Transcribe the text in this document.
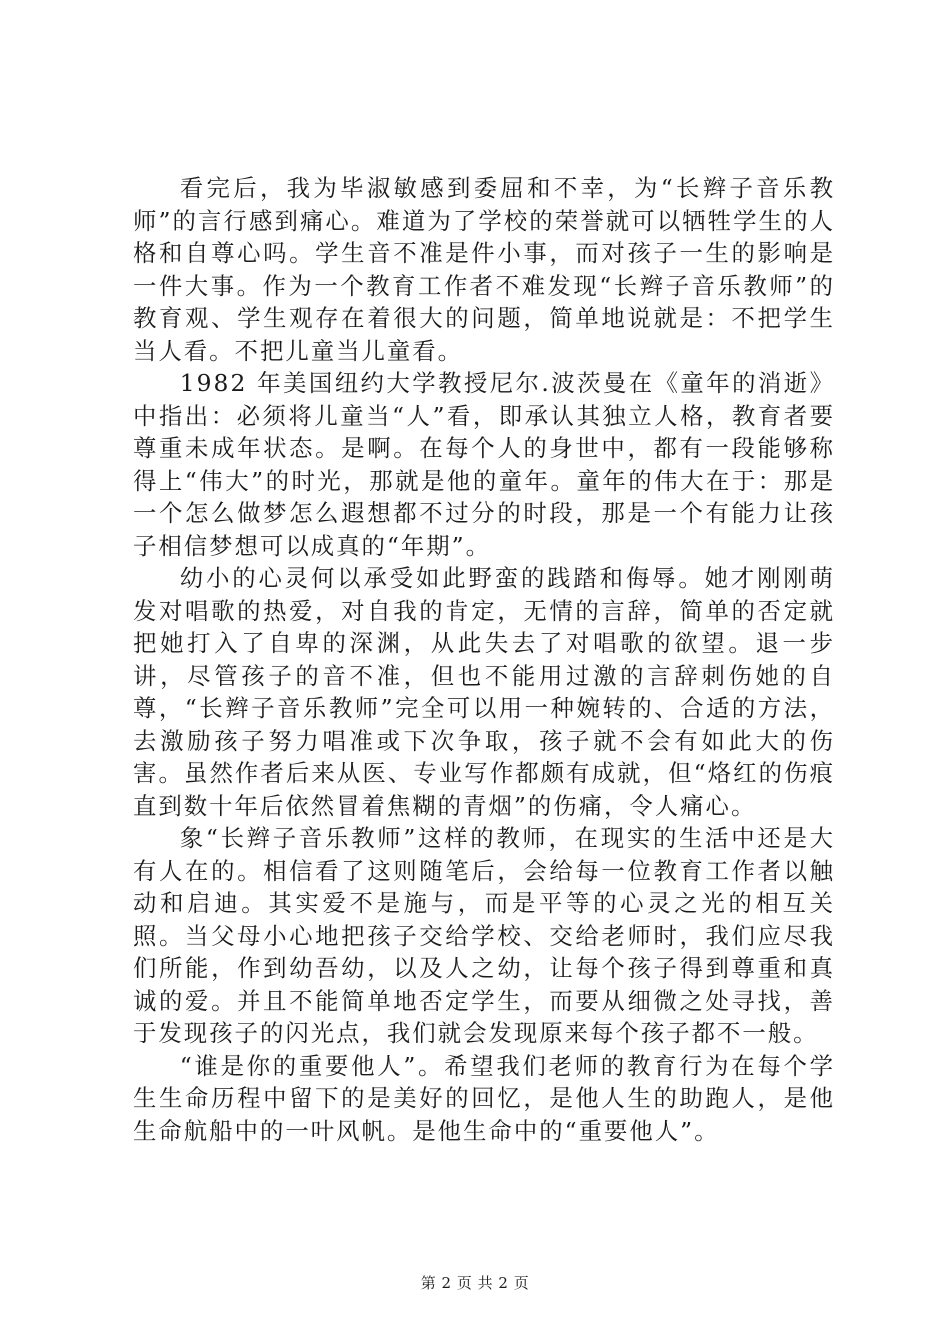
看完后，我为毕淑敏感到委屈和不幸，为“长辫子音乐教师”的言行感到痛心。难道为了学校的荣誉就可以牺牲学生的人格和自尊心吗。学生音不准是件小事，而对孩子一生的影响是一件大事。作为一个教育工作者不难发现“长辫子音乐教师”的教育观、学生观存在着很大的问题，简单地说就是：不把学生当人看。不把儿童当儿童看。

1982 年美国纽约大学教授尼尔.波茨曼在《童年的消逝》中指出：必须将儿童当“人”看，即承认其独立人格，教育者要尊重未成年状态。是啊。在每个人的身世中，都有一段能够称得上“伟大”的时光，那就是他的童年。童年的伟大在于：那是一个怎么做梦怎么遐想都不过分的时段，那是一个有能力让孩子相信梦想可以成真的“年期”。

幼小的心灵何以承受如此野蛮的践踏和侮辱。她才刚刚萌发对唱歌的热爱，对自我的肯定，无情的言辞，简单的否定就把她打入了自卑的深渊，从此失去了对唱歌的欲望。退一步讲，尽管孩子的音不准，但也不能用过激的言辞刺伤她的自尊，“长辫子音乐教师”完全可以用一种婉转的、合适的方法，去激励孩子努力唱准或下次争取，孩子就不会有如此大的伤害。虽然作者后来从医、专业写作都颇有成就，但“烙红的伤痕直到数十年后依然冒着焦糊的青烟”的伤痛，令人痛心。

象“长辫子音乐教师”这样的教师，在现实的生活中还是大有人在的。相信看了这则随笔后，会给每一位教育工作者以触动和启迪。其实爱不是施与，而是平等的心灵之光的相互关照。当父母小心地把孩子交给学校、交给老师时，我们应尽我们所能，作到幼吾幼，以及人之幼，让每个孩子得到尊重和真诚的爱。并且不能简单地否定学生，而要从细微之处寻找，善于发现孩子的闪光点，我们就会发现原来每个孩子都不一般。

“谁是你的重要他人”。希望我们老师的教育行为在每个学生生命历程中留下的是美好的回忆，是他人生的助跑人，是他生命航船中的一叶风帆。是他生命中的“重要他人”。

第 2 页 共 2 页
